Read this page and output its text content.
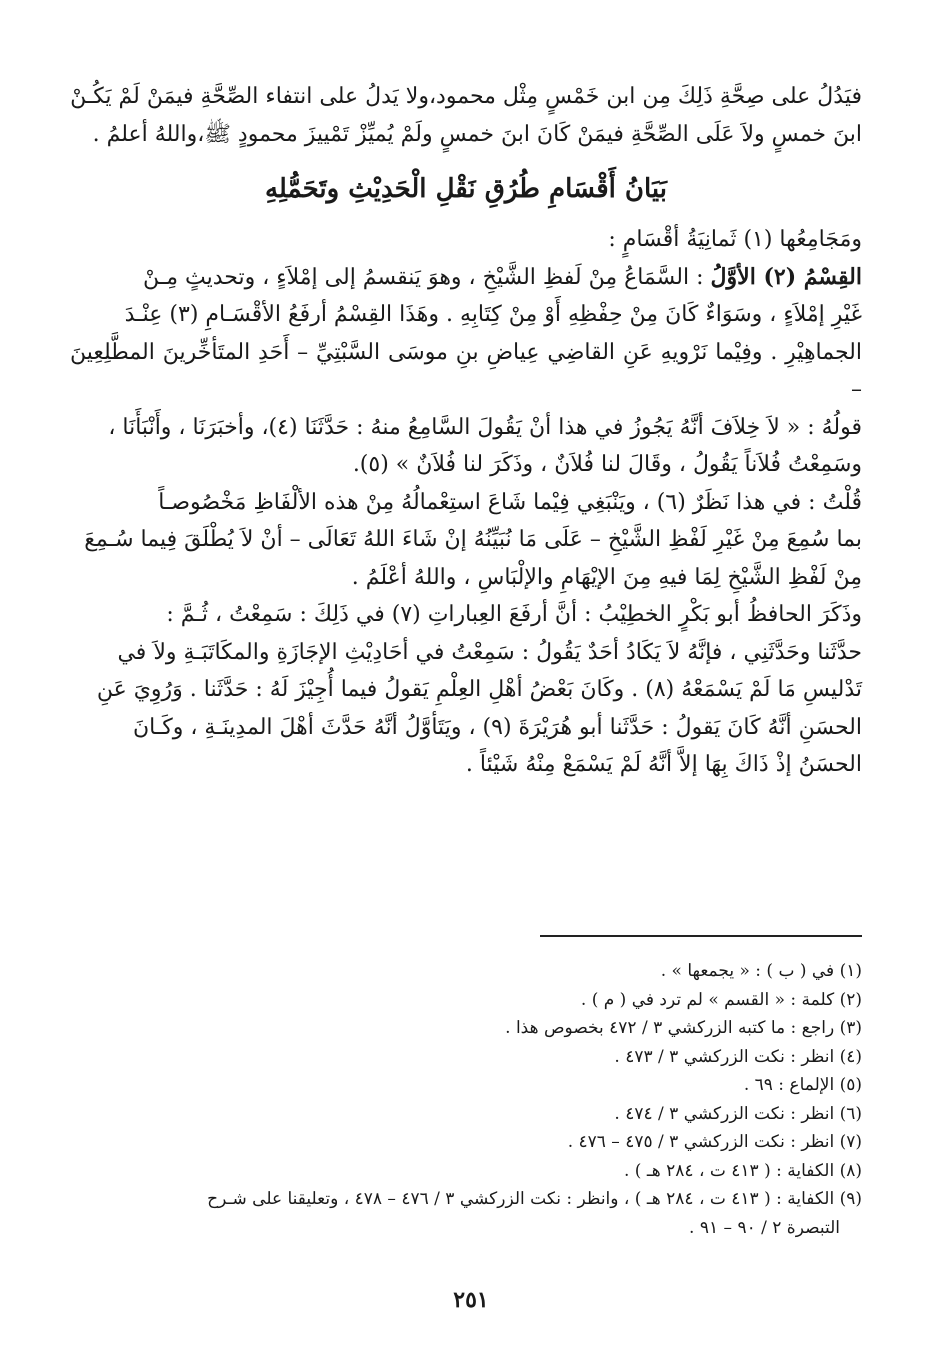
فيَدُلُ على صِحَّةِ ذَلِكَ مِن ابن خَمْسٍ مِثْل محمود،ولا يَدلُ على انتفاء الصِّحَّةِ فيمَنْ لَمْ يَكُـنْ

ابنَ خمسٍ ولاَ عَلَى الصِّحَّةِ فيمَنْ كَانَ ابنَ خمسٍ ولَمْ يُميِّزْ تَمْييزَ محمودٍ ﷺ،واللهُ أعلمُ .

بَيَانُ أَقْسَامِ طُرُقِ نَقْلِ الْحَدِيْثِ وتَحَمُّلِهِ

ومَجَامِعُها (١) ثَمانِيَةُ أقْسَامٍ :

القِسْمُ (٢) الأوَّلُ : السَّمَاعُ مِنْ لَفظِ الشَّيْخِ ، وهوَ يَنقسمُ إلى إمْلاَءٍ ، وتحديثٍ مِـنْ

غَيْرِ إمْلاَءٍ ، وسَوَاءٌ كَانَ مِنْ حِفْظِهِ أَوْ مِنْ كِتَابِهِ . وهَذَا القِسْمُ أرفَعُ الأقْسَـامِ (٣) عِنْـدَ

الجماهِيْرِ . وفِيْما نَرْويهِ عَنِ القاضِي عِياضِ بنِ موسَى السَّبْتِيِّ – أَحَدِ المتَأخِّرينَ المطَّلِعِينَ –

قولُهُ : « لاَ خِلاَفَ أنَّهُ يَجُوزُ في هذا أنْ يَقُولَ السَّامِعُ منهُ : حَدَّثَنَا (٤)، وأخبَرَنَا ، وأَنْبَأَنَا ،

وسَمِعْتُ فُلاَناً يَقُولُ ، وقَالَ لنا فُلاَنٌ ، وذَكَرَ لنا فُلاَنٌ » (٥).

قُلْتُ : في هذا نَظَرٌ (٦) ، ويَنْبَغِي فِيْما شَاعَ استِعْمالُهُ مِنْ هذه الألْفَاظِ مَخْصُوصـاً

بما سُمِعَ مِنْ غَيْرِ لَفْظِ الشَّيْخِ – عَلَى مَا نُبَيِّنُهُ إنْ شَاءَ اللهُ تَعَالَى – أنْ لاَ يُطْلَقَ فِيما سُـمِعَ

مِنْ لَفْظِ الشَّيْخِ لِمَا فيهِ مِنَ الإيْهَامِ والإلْبَاسِ ، واللهُ أعْلَمُ .

وذَكَرَ الحافظُ أبو بَكْرٍ الخطِيْبُ : أنَّ أرفَعَ العِباراتِ (٧) في ذَلِكَ : سَمِعْتُ ، ثُـمَّ :

حدَّثَنا وحَدَّثَنِي ، فإنَّهُ لاَ يَكَادُ أحَدٌ يَقُولُ : سَمِعْتُ في أحَادِيْثِ الإجَازَةِ والمكَاتَبَـةِ ولاَ في

تَدْليسِ مَا لَمْ يَسْمَعْهُ (٨) . وكَانَ بَعْضُ أهْلِ العِلْمِ يَقولُ فيما أُجِيْزَ لَهُ : حَدَّثَنا . وَرُوِيَ عَنِ

الحسَنِ أنَّهُ كَانَ يَقولُ : حَدَّثَنا أبو هُرَيْرَةَ (٩) ، ويَتَأوَّلُ أنَّهُ حَدَّثَ أهْلَ المدِينَـةِ ، وكَـانَ

الحسَنُ إذْ ذَاكَ بِهَا إلاَّ أنَّهُ لَمْ يَسْمَعْ مِنْهُ شَيْئاً .

(١) في ( ب ) : « يجمعها » .

(٢) كلمة : « القسم » لم ترد في ( م ) .

(٣) راجع : ما كتبه الزركشي ٣ / ٤٧٢ بخصوص هذا .

(٤) انظر : نكت الزركشي ٣ / ٤٧٣ .

(٥) الإلماع : ٦٩ .

(٦) انظر : نكت الزركشي ٣ / ٤٧٤ .

(٧) انظر : نكت الزركشي ٣ / ٤٧٥ – ٤٧٦ .

(٨) الكفاية : ( ٤١٣ ت ، ٢٨٤ هـ ) .

(٩) الكفاية : ( ٤١٣ ت ، ٢٨٤ هـ ) ، وانظر : نكت الزركشي ٣ / ٤٧٦ – ٤٧٨ ، وتعليقنا على شـرح

التبصرة ٢ / ٩٠ – ٩١ .

٢٥١
